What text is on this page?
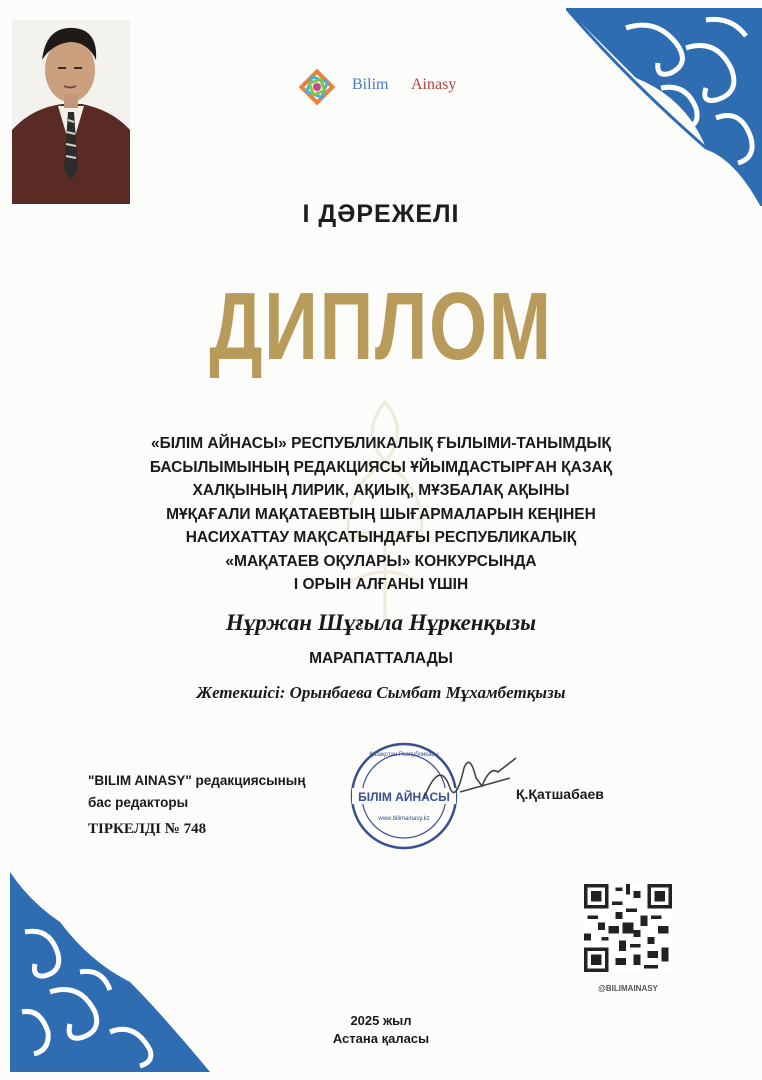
Bilim Ainasy
І ДӘРЕЖЕЛІ
ДИПЛОМ
«БІЛІМ АЙНАСЫ» РЕСПУБЛИКАЛЫҚ ҒЫЛЫМИ-ТАНЫМДЫҚ
БАСЫЛЫМЫНЫҢ РЕДАКЦИЯСЫ ҰЙЫМДАСТЫРҒАН ҚАЗАҚ
ХАЛҚЫНЫҢ ЛИРИК, АҚИЫҚ, МҰЗБАЛАҚ АҚЫНЫ
МҰҚАҒАЛИ МАҚАТАЕВТЫҢ ШЫҒАРМАЛАРЫН КЕҢІНЕН
НАСИХАТТАУ МАҚСАТЫНДАҒЫ РЕСПУБЛИКАЛЫҚ
«МАҚАТАЕВ ОҚУЛАРЫ» КОНКУРСЫНДА
І ОРЫН АЛҒАНЫ ҮШІН
Нұржан Шұғыла Нұркенқызы
МАРАПАТТАЛАДЫ
Жетекшісі: Орынбаева Сымбат Мұхамбетқызы
"BILIM AINASY" редакциясының
бас редакторы
ТІРКЕЛДІ № 748
Қазақстан Республикасы
БІЛІМ АЙНАСЫ
www.bilimainasy.kz
Қ.Қатшабаев
@BILIMAINASY
2025 жыл
Астана қаласы
